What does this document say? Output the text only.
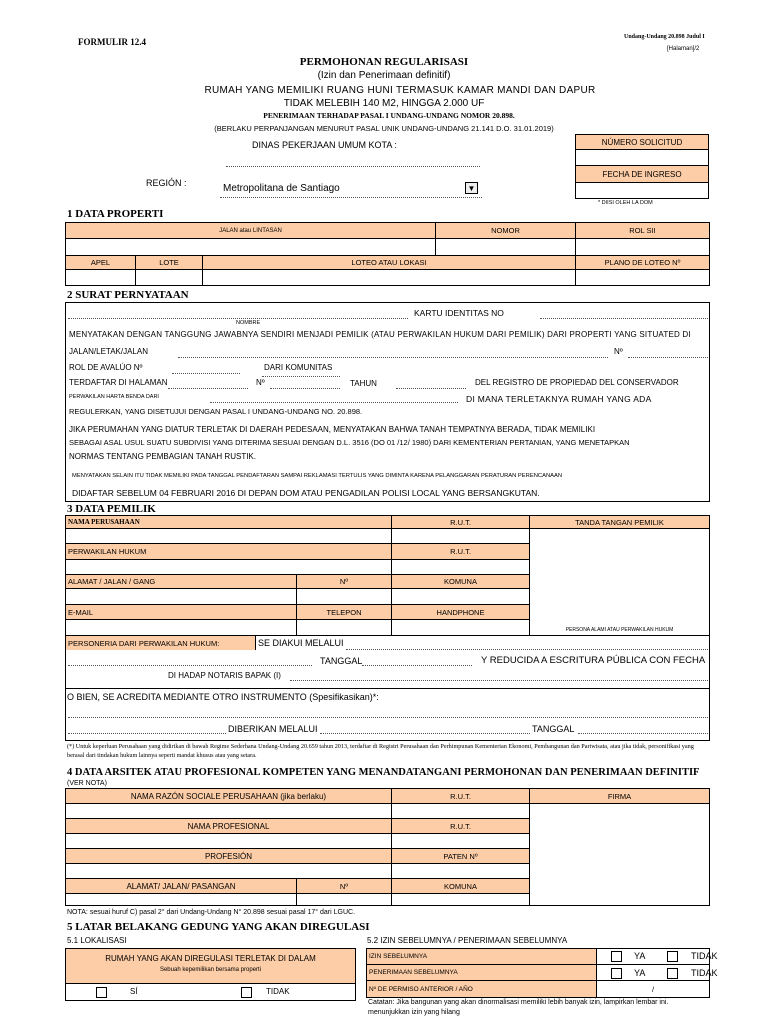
FORMULIR 12.4	Undang-Undang 20.898 Judul I
[Halaman]/2
PERMOHONAN REGULARISASI
(Izin dan Penerimaan definitif)
RUMAH YANG MEMILIKI RUANG HUNI TERMASUK KAMAR MANDI DAN DAPUR
TIDAK MELEBIH 140 M2, HINGGA 2.000 UF
PENERIMAAN TERHADAP PASAL I UNDANG-UNDANG NOMOR 20.898.
(BERLAKU PERPANJANGAN MENURUT PASAL UNIK UNDANG-UNDANG 21.141 D.O. 31.01.2019)
DINAS PEKERJAAN UMUM KOTA :
REGIÓN :	Metropolitana de Santiago	▼
NÚMERO SOLICITUD
FECHA DE INGRESO
* DIISI OLEH LA DOM
1 DATA PROPERTI
JALAN atau LINTASAN	NOMOR	ROL SII
APEL	LOTE	LOTEO ATAU LOKASI	PLANO DE LOTEO Nº
2 SURAT PERNYATAAN
KARTU IDENTITAS NO
NOMBRE
MENYATAKAN DENGAN TANGGUNG JAWABNYA SENDIRI MENJADI PEMILIK (ATAU PERWAKILAN HUKUM DARI PEMILIK) DARI PROPERTI YANG SITUATED DI
JALAN/LETAK/JALAN	Nº
ROL DE AVALÚO Nº	DARI KOMUNITAS
TERDAFTAR DI HALAMAN	Nº	TAHUN	DEL REGISTRO DE PROPIEDAD DEL CONSERVADOR
PERWAKILAN HARTA BENDA DARI	DI MANA TERLETAKNYA RUMAH YANG ADA
REGULERKAN, YANG DISETUJUI DENGAN PASAL I UNDANG-UNDANG NO. 20.898.
JIKA PERUMAHAN YANG DIATUR TERLETAK DI DAERAH PEDESAAN, MENYATAKAN BAHWA TANAH TEMPATNYA BERADA, TIDAK MEMILIKI
SEBAGAI ASAL USUL SUATU SUBDIVISI YANG DITERIMA SESUAI DENGAN D.L. 3516 (DO 01 /12/ 1980) DARI KEMENTERIAN PERTANIAN, YANG MENETAPKAN
NORMAS TENTANG PEMBAGIAN TANAH RUSTIK.
MENYATAKAN SELAIN ITU TIDAK MEMILIKI PADA TANGGAL PENDAFTARAN SAMPAI REKLAMASI TERTULIS YANG DIMINTA KARENA PELANGGARAN PERATURAN PERENCANAAN
DIDAFTAR SEBELUM 04 FEBRUARI 2016 DI DEPAN DOM ATAU PENGADILAN POLISI LOCAL YANG BERSANGKUTAN.
3 DATA PEMILIK
NAMA PERUSAHAAN	R.U.T.	TANDA TANGAN PEMILIK
PERWAKILAN HUKUM	R.U.T.
ALAMAT / JALAN / GANG	Nº	KOMUNA
E-MAIL	TELEPON	HANDPHONE
PERSONA ALAMI ATAU PERWAKILAN HUKUM
PERSONERIA DARI PERWAKILAN HUKUM:	SE DIAKUI MELALUI
TANGGAL	Y REDUCIDA A ESCRITURA PÚBLICA CON FECHA
DI HADAP NOTARIS BAPAK (I)
O BIEN, SE ACREDITA MEDIANTE OTRO INSTRUMENTO (Spesifikasikan)*:
DIBERIKAN MELALUI	TANGGAL
(*) Untuk keperluan Perusahaan yang didirikan di bawah Regime Sederhana Undang-Undang 20.659 tahun 2013, terdaftar di Registri Perusahaan dan Perhimpunan Kementerian Ekonomi, Pembangunan dan Pariwisata, atau jika tidak, personifikasi yang berasal dari tindakan hukum lainnya seperti mandat khusus atau yang setara.
4 DATA ARSITEK ATAU PROFESIONAL KOMPETEN YANG MENANDATANGANI PERMOHONAN DAN PENERIMAAN DEFINITIF
(VER NOTA)
NAMA RAZÓN SOCIALE PERUSAHAAN (jika berlaku)	R.U.T.	FIRMA
NAMA PROFESIONAL	R.U.T.
PROFESIÓN	PATEN Nº
ALAMAT/ JALAN/ PASANGAN	Nº	KOMUNA
NOTA: sesuai huruf C) pasal 2° dari Undang-Undang N° 20.898 sesuai pasal 17° dari LGUC.
5 LATAR BELAKANG GEDUNG YANG AKAN DIREGULASI
5.1 LOKALISASI	5.2 IZIN SEBELUMNYA / PENERIMAAN SEBELUMNYA
RUMAH YANG AKAN DIREGULASI TERLETAK DI DALAM
Sebuah kepemilikan bersama properti
SÍ	TIDAK
IZIN SEBELUMNYA
PENERIMAAN SEBELUMNYA
Nº DE PERMISO ANTERIOR / AÑO	/
YA	TIDAK
YA	TIDAK
Catatan: Jika bangunan yang akan dinormalisasi memiliki lebih banyak izin, lampirkan lembar ini.
menunjukkan izin yang hilang
